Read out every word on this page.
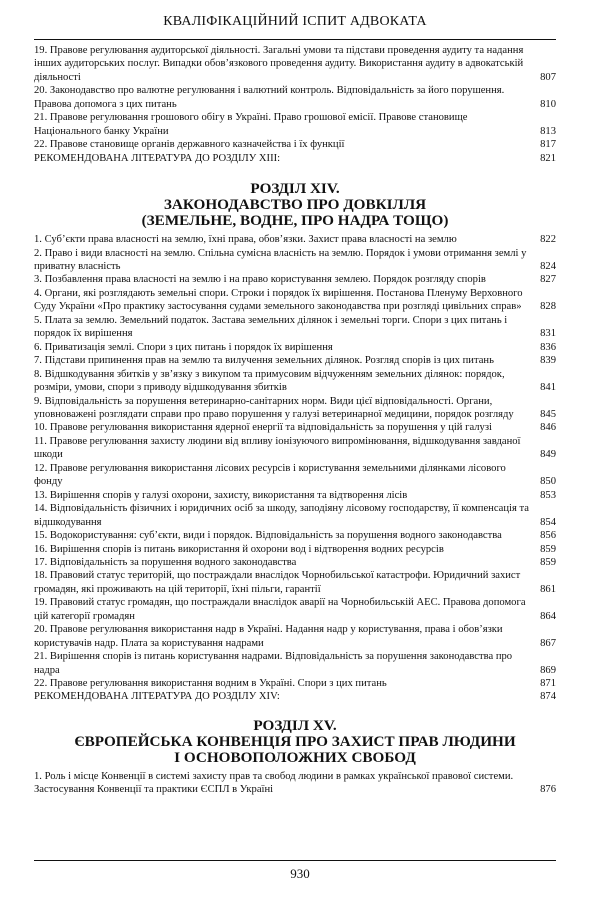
КВАЛІФІКАЦІЙНИЙ ІСПИТ АДВОКАТА
19. Правове регулювання аудиторської діяльності. Загальні умови та підстави проведення аудиту та надання інших аудиторських послуг. Випадки обов’язкового проведення аудиту. Використання аудиту в адвокатській діяльності	807
20. Законодавство про валютне регулювання і валютний контроль. Відповідальність за його порушення. Правова допомога з цих питань	810
21. Правове регулювання грошового обігу в Україні. Право грошової емісії. Правове становище Національного банку України	813
22. Правове становище органів державного казначейства і їх функції	817
РЕКОМЕНДОВАНА ЛІТЕРАТУРА ДО РОЗДІЛУ XIII:	821
РОЗДІЛ XIV.
ЗАКОНОДАВСТВО ПРО ДОВКІЛЛЯ
(ЗЕМЕЛЬНЕ, ВОДНЕ, ПРО НАДРА ТОЩО)
1. Суб’єкти права власності на землю, їхні права, обов’язки. Захист права власності на землю	822
2. Право і види власності на землю. Спільна сумісна власність на землю. Порядок і умови отримання землі у приватну власність	824
3. Позбавлення права власності на землю і на право користування землею. Порядок розгляду спорів	827
4. Органи, які розглядають земельні спори. Строки і порядок їх вирішення. Постанова Пленуму Верховного Суду України «Про практику застосування судами земельного законодавства при розгляді цивільних справ»	828
5. Плата за землю. Земельний податок. Застава земельних ділянок і земельні торги. Спори з цих питань і порядок їх вирішення	831
6. Приватизація землі. Спори з цих питань і порядок їх вирішення	836
7. Підстави припинення прав на землю та вилучення земельних ділянок. Розгляд спорів із цих питань	839
8. Відшкодування збитків у зв’язку з викупом та примусовим відчуженням земельних ділянок: порядок, розміри, умови, спори з приводу відшкодування збитків	841
9. Відповідальність за порушення ветеринарно-санітарних норм. Види цієї відповідальності. Органи, уповноважені розглядати справи про право порушення у галузі ветеринарної медицини, порядок розгляду	845
10. Правове регулювання використання ядерної енергії та відповідальність за порушення у цій галузі	846
11. Правове регулювання захисту людини від впливу іонізуючого випромінювання, відшкодування завданої шкоди	849
12. Правове регулювання використання лісових ресурсів і користування земельними ділянками лісового фонду	850
13. Вирішення спорів у галузі охорони, захисту, використання та відтворення лісів	853
14. Відповідальність фізичних і юридичних осіб за шкоду, заподіяну лісовому господарству, її компенсація та відшкодування	854
15. Водокористування: суб’єкти, види і порядок. Відповідальність за порушення водного законодавства	856
16. Вирішення спорів із питань використання й охорони вод і відтворення водних ресурсів	859
17. Відповідальність за порушення водного законодавства	859
18. Правовий статус територій, що постраждали внаслідок Чорнобильської катастрофи. Юридичний захист громадян, які проживають на цій території, їхні пільги, гарантії	861
19. Правовий статус громадян, що постраждали внаслідок аварії на Чорнобильській АЕС. Правова допомога цій категорії громадян	864
20. Правове регулювання використання надр в Україні. Надання надр у користування, права і обов’язки користувачів надр. Плата за користування надрами	867
21. Вирішення спорів із питань користування надрами. Відповідальність за порушення законодавства про надра	869
22. Правове регулювання використання водним в Україні. Спори з цих питань	871
РЕКОМЕНДОВАНА ЛІТЕРАТУРА ДО РОЗДІЛУ XIV:	874
РОЗДІЛ XV.
ЄВРОПЕЙСЬКА КОНВЕНЦІЯ ПРО ЗАХИСТ ПРАВ ЛЮДИНИ
І ОСНОВОПОЛОЖНИХ СВОБОД
1. Роль і місце Конвенції в системі захисту прав та свобод людини в рамках української правової системи. Застосування Конвенції та практики ЄСПЛ в Україні	876
930
